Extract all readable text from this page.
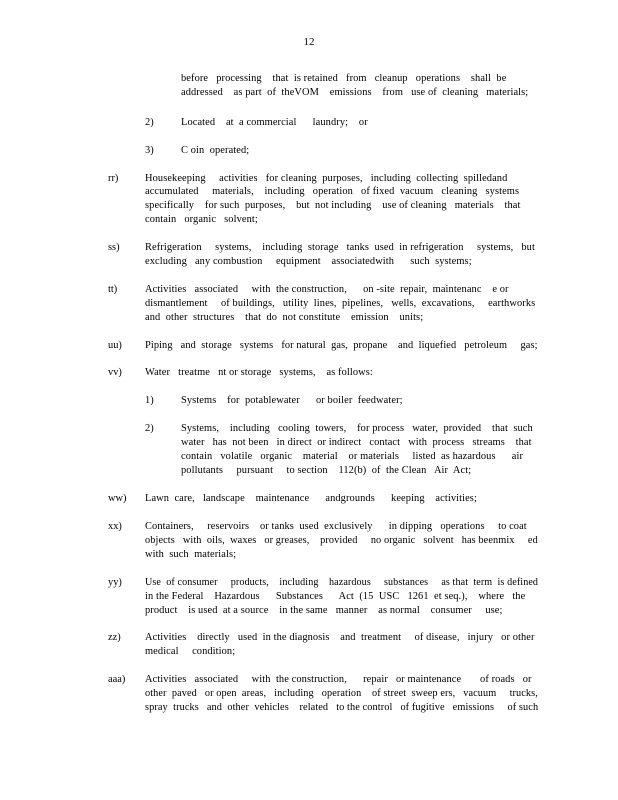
12
before   processing    that  is retained   from   cleanup   operations    shall  be
addressed    as part  of  theVOM    emissions    from   use of  cleaning   materials;
2)	Located    at  a commercial      laundry;    or
3)	C oin  operated;
rr)	Housekeeping     activities   for cleaning  purposes,   including  collecting  spilledand
accumulated     materials,    including   operation   of fixed  vacuum   cleaning   systems
specifically    for such  purposes,    but  not including    use of cleaning   materials    that
contain   organic   solvent;
ss) Refrigeration     systems,    including  storage   tanks  used  in refrigeration     systems,   but
excluding   any combustion     equipment    associatedwith      such  systems;
tt)	Activities   associated     with  the construction,      on -site  repair,  maintenanc    e or
dismantlement     of buildings,   utility  lines,  pipelines,   wells,  excavations,     earthworks
and  other  structures    that  do  not constitute    emission    units;
uu) Piping   and  storage   systems   for natural  gas,  propane    and  liquefied   petroleum     gas;
vv) Water   treatme   nt or storage   systems,    as follows:
1)	Systems    for  potablewater      or boiler  feedwater;
2)	Systems,    including   cooling  towers,    for process   water,  provided    that  such
water   has  not been   in direct  or indirect   contact   with  process   streams    that
contain   volatile   organic    material    or materials     listed  as hazardous      air
pollutants     pursuant     to section    112(b)  of  the Clean   Air  Act;
ww) Lawn  care,   landscape    maintenance      andgrounds      keeping    activities;
xx) Containers,     reservoirs    or tanks  used  exclusively      in dipping   operations     to coat
objects   with  oils,  waxes   or greases,    provided     no organic   solvent   has beenmix     ed
with  such  materials;
yy) Use  of consumer     products,    including    hazardous     substances     as that  term  is defined
in the Federal    Hazardous      Substances      Act  (15  USC   1261  et seq.),    where   the
product    is used  at a source    in the same   manner    as normal    consumer     use;
zz) Activities    directly   used  in the diagnosis    and  treatment     of disease,   injury   or other
medical     condition;
aaa) Activities   associated     with  the construction,      repair   or maintenance       of roads   or
other  paved   or open  areas,   including   operation    of street  sweep ers,   vacuum     trucks,
spray  trucks   and  other  vehicles    related   to the control   of fugitive   emissions     of such
